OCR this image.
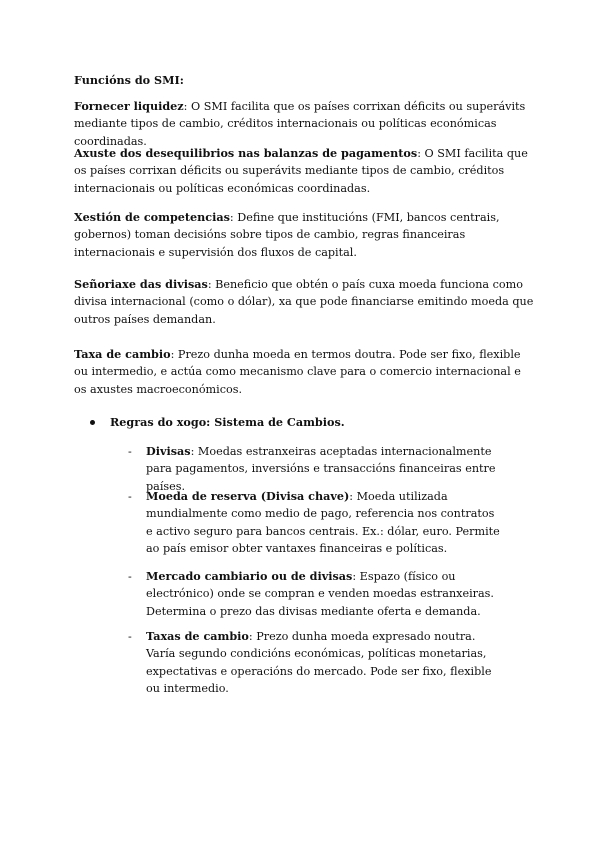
Funcións do SMI:

Fornecer liquidez: O SMI facilita que os países corrixan déficits ou superávits mediante tipos de cambio, créditos internacionais ou políticas económicas coordinadas.

Axuste dos desequilibrios nas balanzas de pagamentos: O SMI facilita que os países corrixan déficits ou superávits mediante tipos de cambio, créditos internacionais ou políticas económicas coordinadas.

Xestión de competencias: Define que institucións (FMI, bancos centrais, gobernos) toman decisións sobre tipos de cambio, regras financeiras internacionais e supervisión dos fluxos de capital.

Señoriaxe das divisas: Beneficio que obtén o país cuxa moeda funciona como divisa internacional (como o dólar), xa que pode financiarse emitindo moeda que outros países demandan.

Taxa de cambio: Prezo dunha moeda en termos doutra. Pode ser fixo, flexible ou intermedio, e actúa como mecanismo clave para o comercio internacional e os axustes macroeconómicos.

Regras do xogo: Sistema de Cambios.
- Divisas: Moedas estranxeiras aceptadas internacionalmente para pagamentos, inversións e transaccións financeiras entre países.

- Moeda de reserva (Divisa chave): Moeda utilizada mundialmente como medio de pago, referencia nos contratos e activo seguro para bancos centrais. Ex.: dólar, euro. Permite ao país emisor obter vantaxes financeiras e políticas.

- Mercado cambiario ou de divisas: Espazo (físico ou electrónico) onde se compran e venden moedas estranxeiras. Determina o prezo das divisas mediante oferta e demanda.

- Taxas de cambio: Prezo dunha moeda expresado noutra. Varía segundo condicións económicas, políticas monetarias, expectativas e operacións do mercado. Pode ser fixo, flexible ou intermedio.
